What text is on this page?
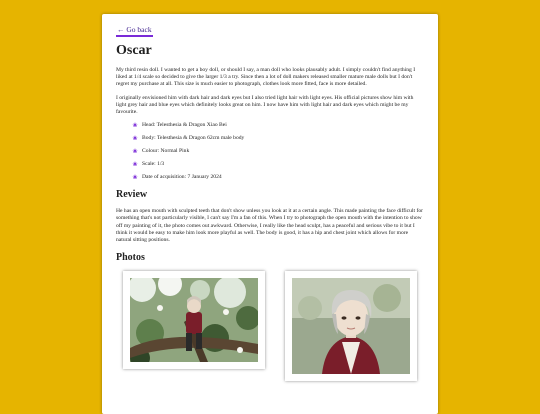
← Go back
Oscar

My third resin doll. I wanted to get a boy doll, or should I say, a man doll who looks plausably adult. I simply couldn't find anything I liked at 1/4 scale so decided to give the larger 1/3 a try. Since then a lot of doll makers released smaller mature male dolls but I don't regret my purchase at all. This size is much easier to photograph, clothes look more fitted, face is more detailed.

I originally envisioned him with dark hair and dark eyes but I also tried light hair with light eyes. His official pictures show him with light grey hair and blue eyes which definitely looks great on him. I now have him with light hair and dark eyes which might be my favourite.

❀ Head: Telesthesia & Dragon Xiao Bei
❀ Body: Telesthesia & Dragon 62cm male body
❀ Colour: Normal Pink
❀ Scale: 1/3
❀ Date of acquisition: 7 January 2024
Review

He has an open mouth with sculpted teeth that don't show unless you look at it at a certain angle. This made painting the face difficult for something that's not particularly visible, I can't say I'm a fan of this. When I try to photograph the open mouth with the intention to show off my painting of it, the photo comes out awkward. Otherwise, I really like the head sculpt, has a peaceful and serious vibe to it but I think it would be easy to make him look more playful as well. The body is good, it has a hip and chest joint which allows for more natural sitting positions.

Photos
